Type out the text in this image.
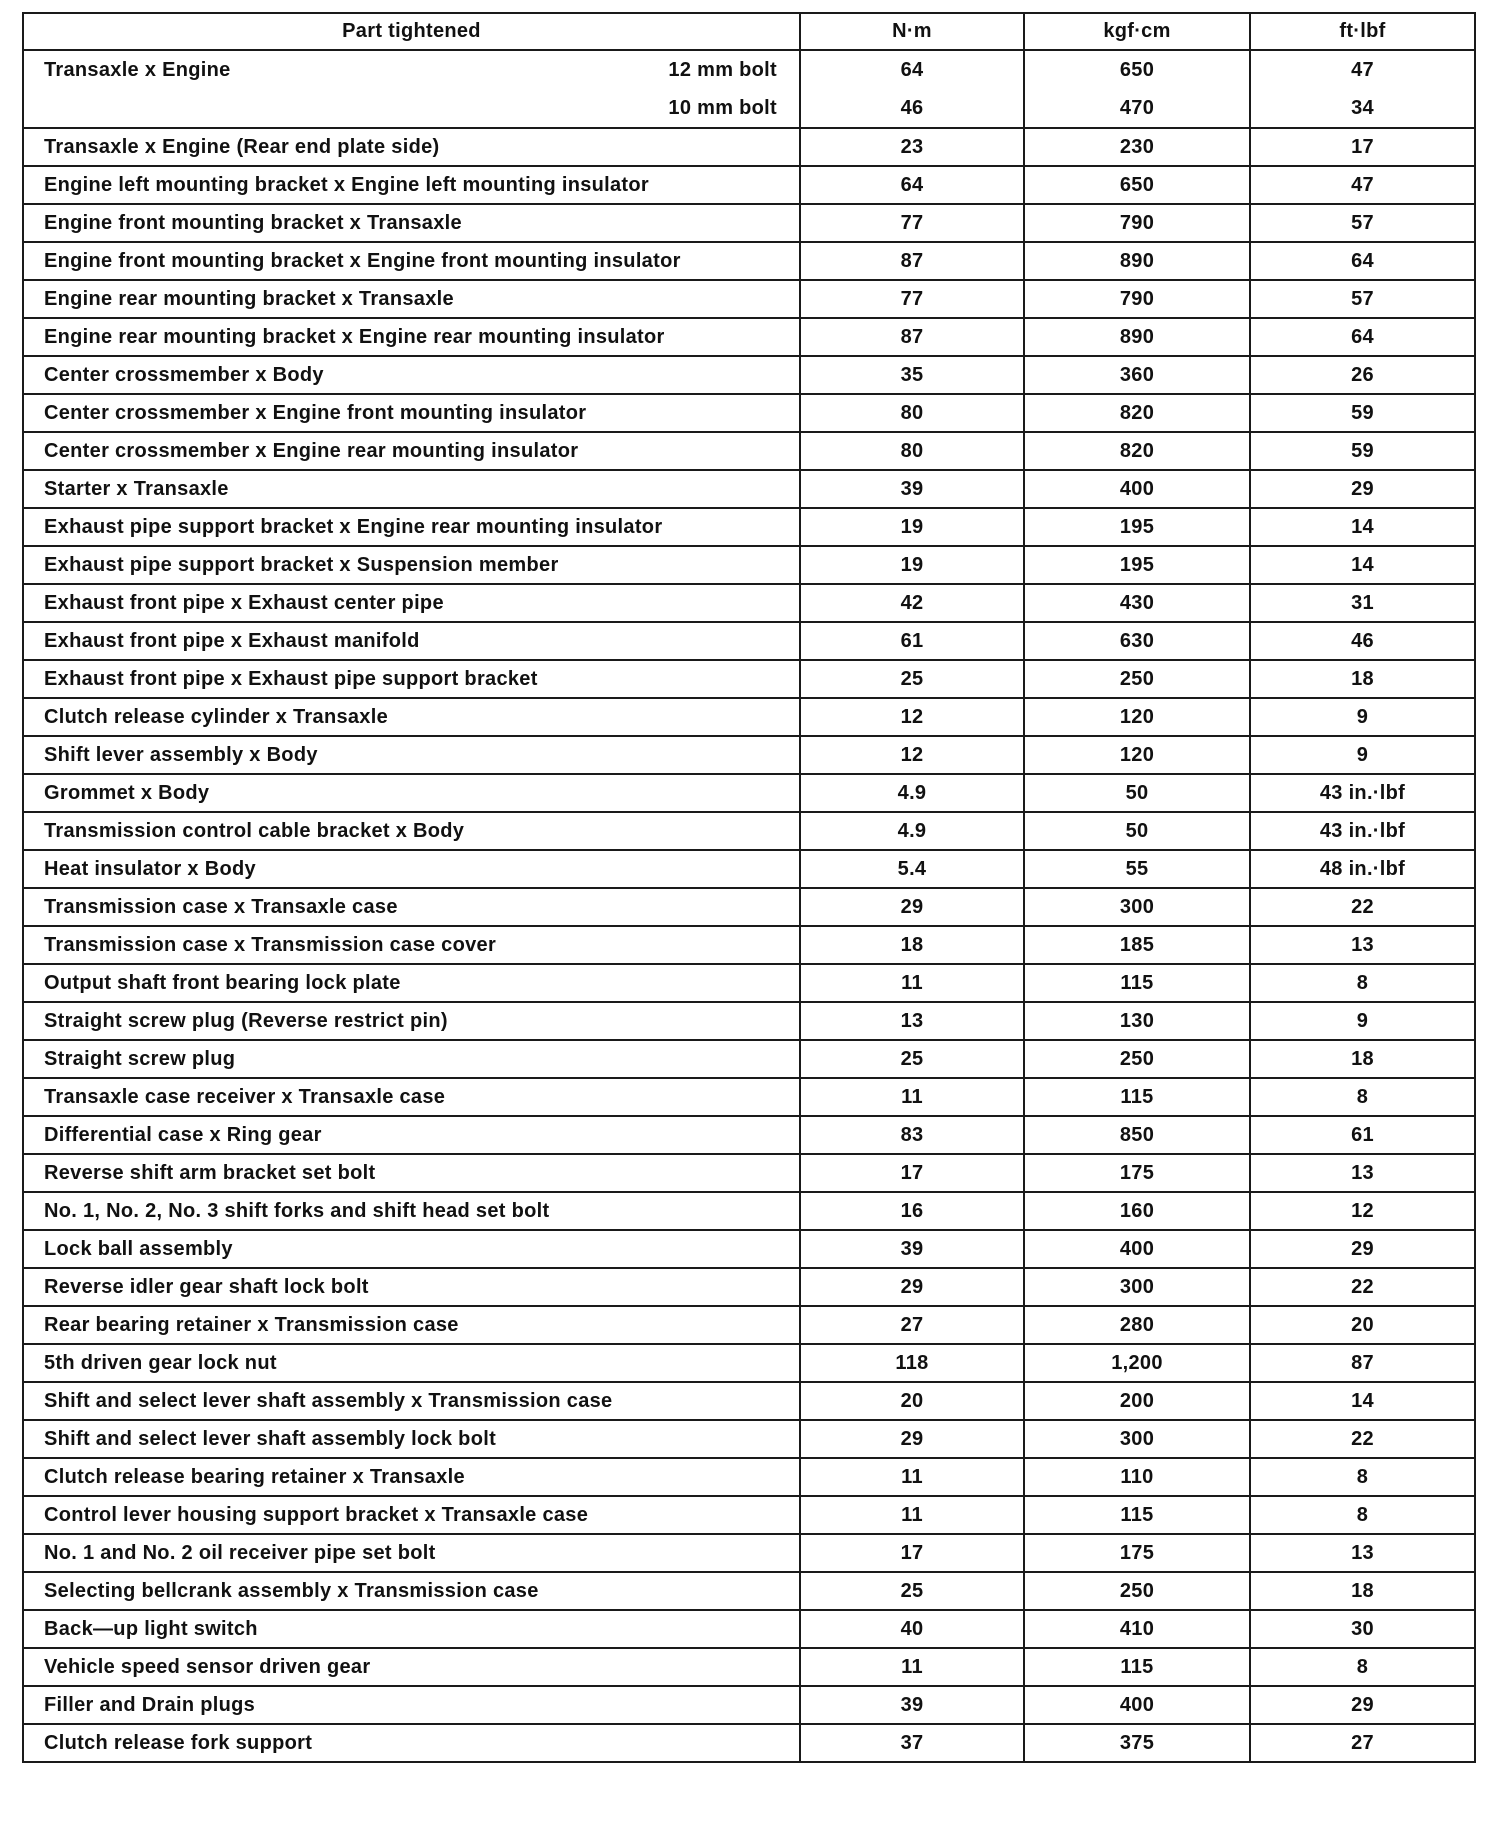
Part tightened	N·m	kgf·cm	ft·lbf

Transaxle x Engine 12 mm bolt	64	650	47

10 mm bolt	46	470	34
Transaxle x Engine (Rear end plate side)	23	230	17
Engine left mounting bracket x Engine left mounting insulator	64	650	47
Engine front mounting bracket x Transaxle	77	790	57
Engine front mounting bracket x Engine front mounting insulator	87	890	64
Engine rear mounting bracket x Transaxle	77	790	57
Engine rear mounting bracket x Engine rear mounting insulator	87	890	64
Center crossmember x Body	35	360	26
Center crossmember x Engine front mounting insulator	80	820	59
Center crossmember x Engine rear mounting insulator	80	820	59
Starter x Transaxle	39	400	29
Exhaust pipe support bracket x Engine rear mounting insulator	19	195	14
Exhaust pipe support bracket x Suspension member	19	195	14
Exhaust front pipe x Exhaust center pipe	42	430	31
Exhaust front pipe x Exhaust manifold	61	630	46
Exhaust front pipe x Exhaust pipe support bracket	25	250	18
Clutch release cylinder x Transaxle	12	120	9
Shift lever assembly x Body	12	120	9
Grommet x Body	4.9	50	43 in.·lbf
Transmission control cable bracket x Body	4.9	50	43 in.·lbf
Heat insulator x Body	5.4	55	48 in.·lbf
Transmission case x Transaxle case	29	300	22
Transmission case x Transmission case cover	18	185	13
Output shaft front bearing lock plate	11	115	8
Straight screw plug (Reverse restrict pin)	13	130	9
Straight screw plug	25	250	18
Transaxle case receiver x Transaxle case	11	115	8
Differential case x Ring gear	83	850	61
Reverse shift arm bracket set bolt	17	175	13
No. 1, No. 2, No. 3 shift forks and shift head set bolt	16	160	12
Lock ball assembly	39	400	29
Reverse idler gear shaft lock bolt	29	300	22
Rear bearing retainer x Transmission case	27	280	20
5th driven gear lock nut	118	1,200	87
Shift and select lever shaft assembly x Transmission case	20	200	14
Shift and select lever shaft assembly lock bolt	29	300	22
Clutch release bearing retainer x Transaxle	11	110	8
Control lever housing support bracket x Transaxle case	11	115	8
No. 1 and No. 2 oil receiver pipe set bolt	17	175	13
Selecting bellcrank assembly x Transmission case	25	250	18
Back—up light switch	40	410	30
Vehicle speed sensor driven gear	11	115	8
Filler and Drain plugs	39	400	29
Clutch release fork support	37	375	27
